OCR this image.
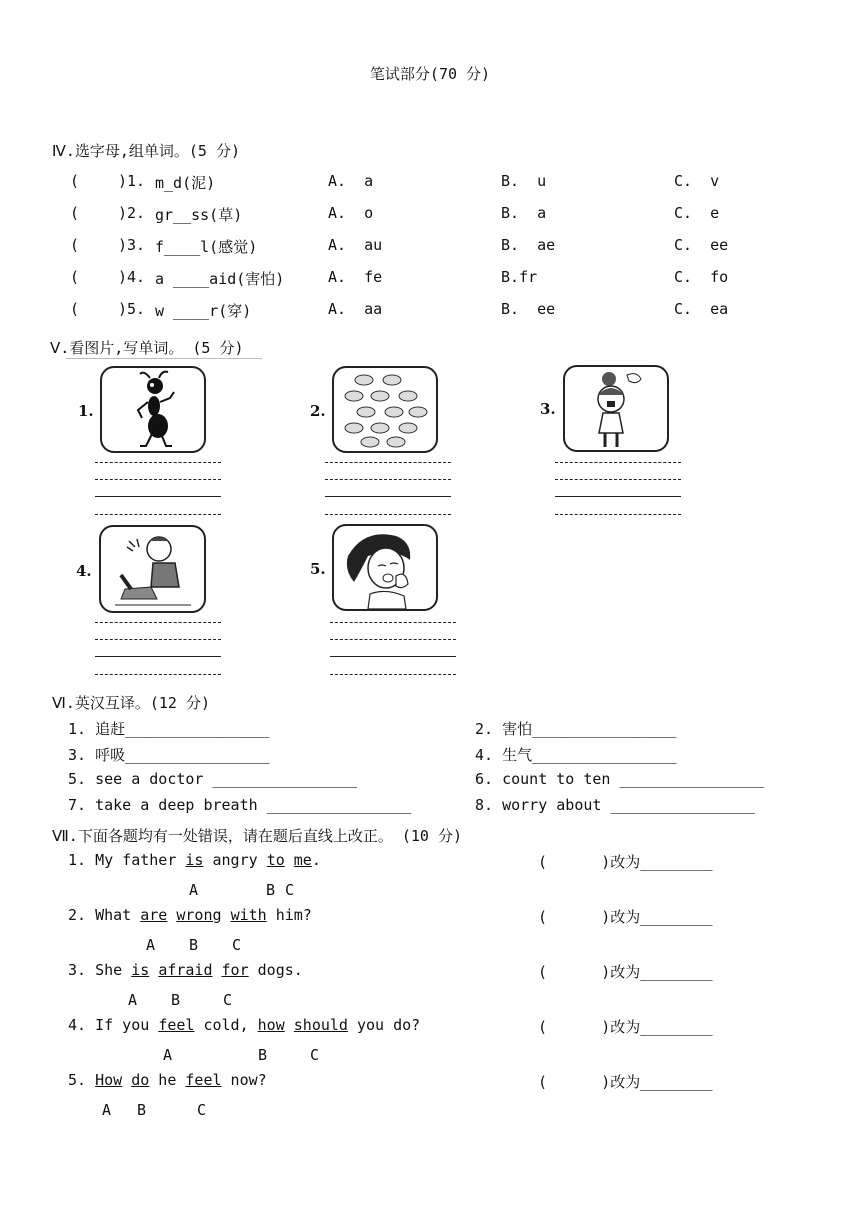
笔试部分(70 分)
Ⅳ.选字母,组单词。(5 分)
(	)1. m_d(泥)	A.  a	B.  u	C.  v
(	)2. gr__ss(草)	A.  o	B.  a	C.  e
(	)3. f____l(感觉)	A.  au	B.  ae	C.  ee
(	)4. a ____aid(害怕)	A.  fe	B.fr	C.  fo
(	)5. w ____r(穿)	A.  aa	B.  ee	C.  ea
Ⅴ.看图片,写单词。 (5 分)
1.	2.	3.
4.	5.
Ⅵ.英汉互译。(12 分)
1. 追赶________________	2. 害怕________________
3. 呼吸________________	4. 生气________________
5. see a doctor ________________	6. count to ten ________________
7. take a deep breath ________________	8. worry about ________________
Ⅶ.下面各题均有一处错误，请在题后直线上改正。 (10 分)
1. My father is angry to me.	(      )改为________
A	B C
2. What are wrong with him?	(      )改为________
A B C
3. She is afraid for dogs.	(      )改为________
A B	C
4. If you feel cold, how should you do?	(      )改为________
A	B	C
5. How do he feel now?	(      )改为________
A B	C
